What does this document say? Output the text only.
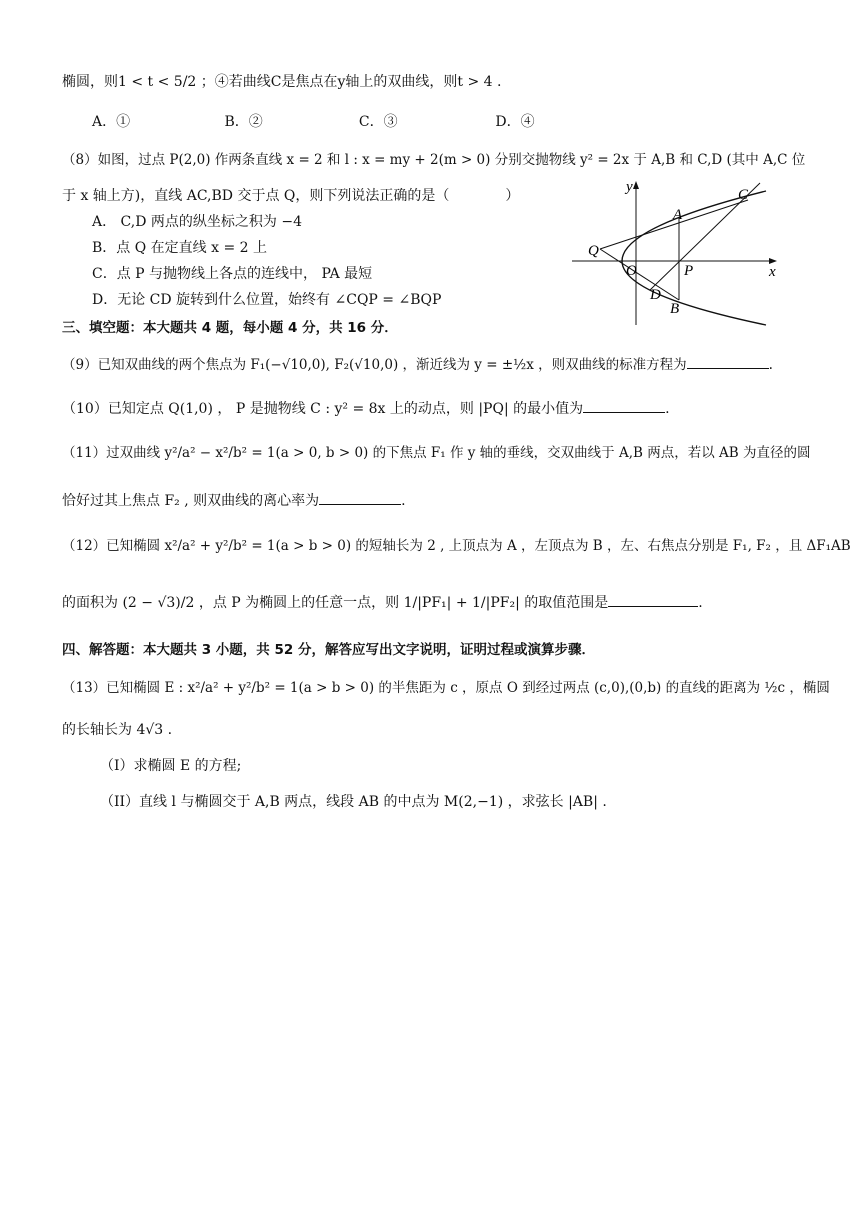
椭圆，则1 < t < 5/2 ；④若曲线C是焦点在y轴上的双曲线，则t > 4 .
A．①	B．②	C．③	D．④
（8）如图，过点 P(2,0) 作两条直线 x = 2 和 l : x = my + 2(m > 0) 分别交抛物线 y² = 2x 于 A,B 和 C,D (其中 A,C 位
于 x 轴上方)，直线 AC,BD 交于点 Q，则下列说法正确的是（　　　　）
A． C,D 两点的纵坐标之积为 −4
B．点 Q 在定直线 x = 2 上
C．点 P 与抛物线上各点的连线中， PA 最短
D．无论 CD 旋转到什么位置，始终有 ∠CQP = ∠BQP
y
x
C
A
Q
O	P
D
B
三、填空题：本大题共 4 题，每小题 4 分，共 16 分．
（9）已知双曲线的两个焦点为 F₁(−√10,0), F₂(√10,0) ，渐近线为 y = ±½x ，则双曲线的标准方程为	.
（10）已知定点 Q(1,0) ， P 是抛物线 C : y² = 8x 上的动点，则 |PQ| 的最小值为	.
（11）过双曲线 y²/a² − x²/b² = 1(a > 0, b > 0) 的下焦点 F₁ 作 y 轴的垂线，交双曲线于 A,B 两点，若以 AB 为直径的圆
恰好过其上焦点 F₂ , 则双曲线的离心率为	.
（12）已知椭圆 x²/a² + y²/b² = 1(a > b > 0) 的短轴长为 2 , 上顶点为 A ，左顶点为 B ，左、右焦点分别是 F₁, F₂ ，且 ΔF₁AB
的面积为 (2 − √3)/2 ，点 P 为椭圆上的任意一点，则 1/|PF₁| + 1/|PF₂| 的取值范围是	.
四、解答题：本大题共 3 小题，共 52 分，解答应写出文字说明，证明过程或演算步骤．
（13）已知椭圆 E : x²/a² + y²/b² = 1(a > b > 0) 的半焦距为 c ，原点 O 到经过两点 (c,0),(0,b) 的直线的距离为 ½c ，椭圆
的长轴长为 4√3 .
（I）求椭圆 E 的方程;
（II）直线 l 与椭圆交于 A,B 两点，线段 AB 的中点为 M(2,−1) ，求弦长 |AB| .
